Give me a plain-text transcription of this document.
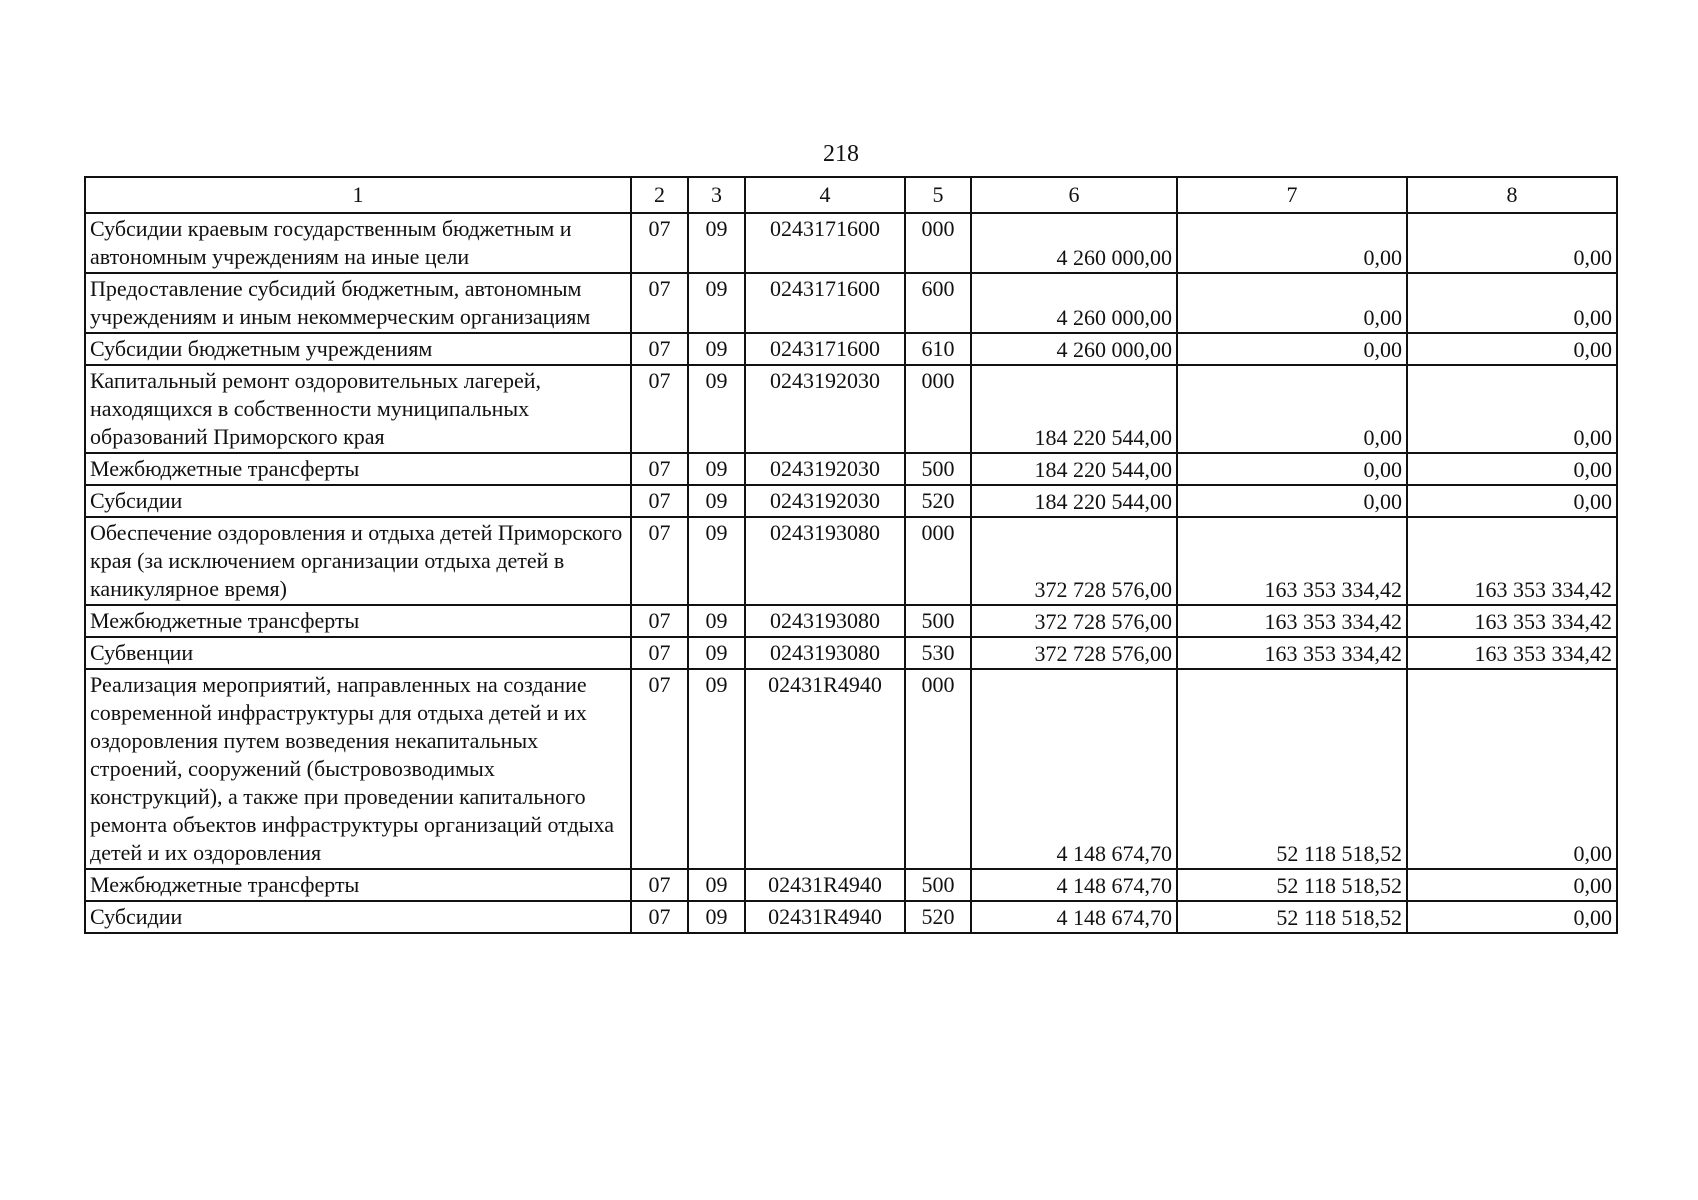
218
1	2	3	4	5	6	7	8
Субсидии краевым государственным бюджетным и автономным учреждениям на иные цели	07	09	0243171600	000	4 260 000,00	0,00	0,00
Предоставление субсидий бюджетным, автономным учреждениям и иным некоммерческим организациям	07	09	0243171600	600	4 260 000,00	0,00	0,00
Субсидии бюджетным учреждениям	07	09	0243171600	610	4 260 000,00	0,00	0,00
Капитальный ремонт оздоровительных лагерей, находящихся в собственности муниципальных образований Приморского края	07	09	0243192030	000	184 220 544,00	0,00	0,00
Межбюджетные трансферты	07	09	0243192030	500	184 220 544,00	0,00	0,00
Субсидии	07	09	0243192030	520	184 220 544,00	0,00	0,00
Обеспечение оздоровления и отдыха детей Приморского края (за исключением организации отдыха детей в каникулярное время)	07	09	0243193080	000	372 728 576,00	163 353 334,42	163 353 334,42
Межбюджетные трансферты	07	09	0243193080	500	372 728 576,00	163 353 334,42	163 353 334,42
Субвенции	07	09	0243193080	530	372 728 576,00	163 353 334,42	163 353 334,42
Реализация мероприятий, направленных на создание современной инфраструктуры для отдыха детей и их оздоровления путем возведения некапитальных строений, сооружений (быстровозводимых конструкций), а также при проведении капитального ремонта объектов инфраструктуры организаций отдыха детей и их оздоровления	07	09	02431R4940	000	4 148 674,70	52 118 518,52	0,00
Межбюджетные трансферты	07	09	02431R4940	500	4 148 674,70	52 118 518,52	0,00
Субсидии	07	09	02431R4940	520	4 148 674,70	52 118 518,52	0,00
